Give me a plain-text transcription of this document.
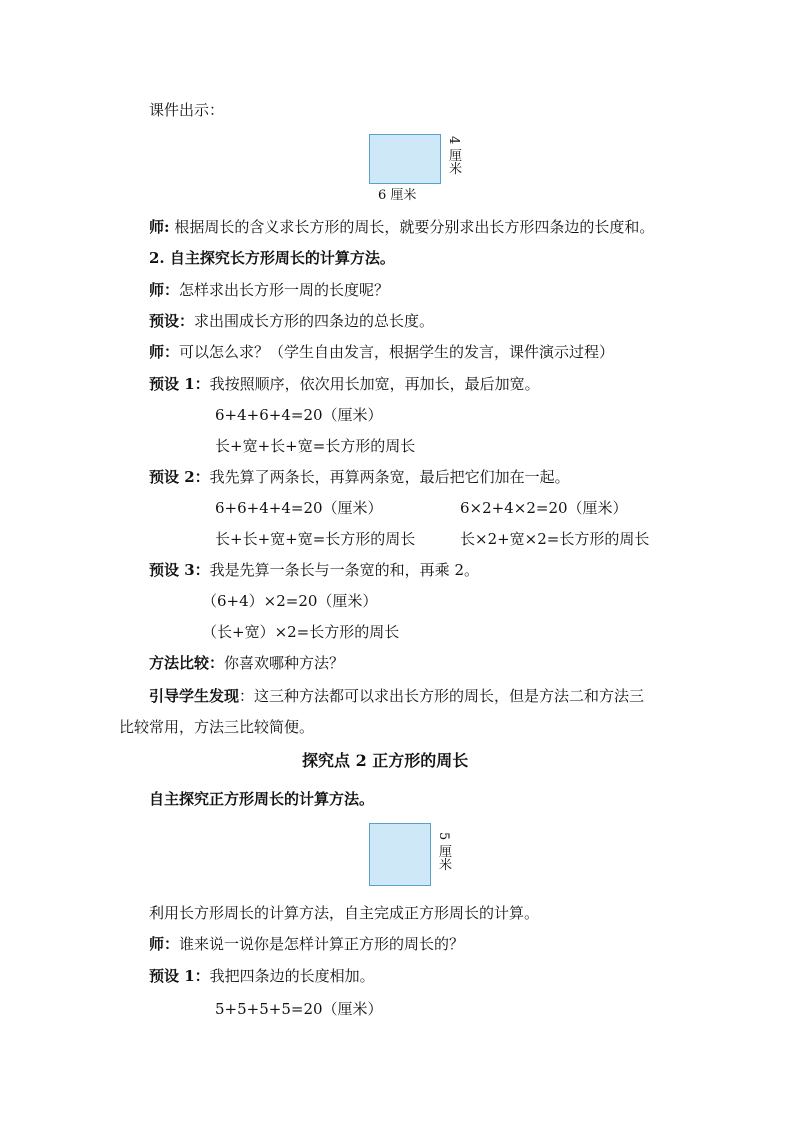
课件出示：
4 厘米
6 厘米
师: 根据周长的含义求长方形的周长，就要分别求出长方形四条边的长度和。
2. 自主探究长方形周长的计算方法。
师：怎样求出长方形一周的长度呢？
预设：求出围成长方形的四条边的总长度。
师：可以怎么求？（学生自由发言，根据学生的发言，课件演示过程）
预设 1：我按照顺序，依次用长加宽，再加长，最后加宽。
6+4+6+4=20（厘米）
长+宽+长+宽=长方形的周长
预设 2：我先算了两条长，再算两条宽，最后把它们加在一起。
6+6+4+4=20（厘米）	6×2+4×2=20（厘米）
长+长+宽+宽=长方形的周长	长×2+宽×2=长方形的周长
预设 3：我是先算一条长与一条宽的和，再乘 2。
（6+4）×2=20（厘米）
（长+宽）×2=长方形的周长
方法比较：你喜欢哪种方法？
引导学生发现：这三种方法都可以求出长方形的周长，但是方法二和方法三
比较常用，方法三比较简便。
探究点 2 正方形的周长
自主探究正方形周长的计算方法。
5 厘米
利用长方形周长的计算方法，自主完成正方形周长的计算。
师：谁来说一说你是怎样计算正方形的周长的？
预设 1：我把四条边的长度相加。
5+5+5+5=20（厘米）
